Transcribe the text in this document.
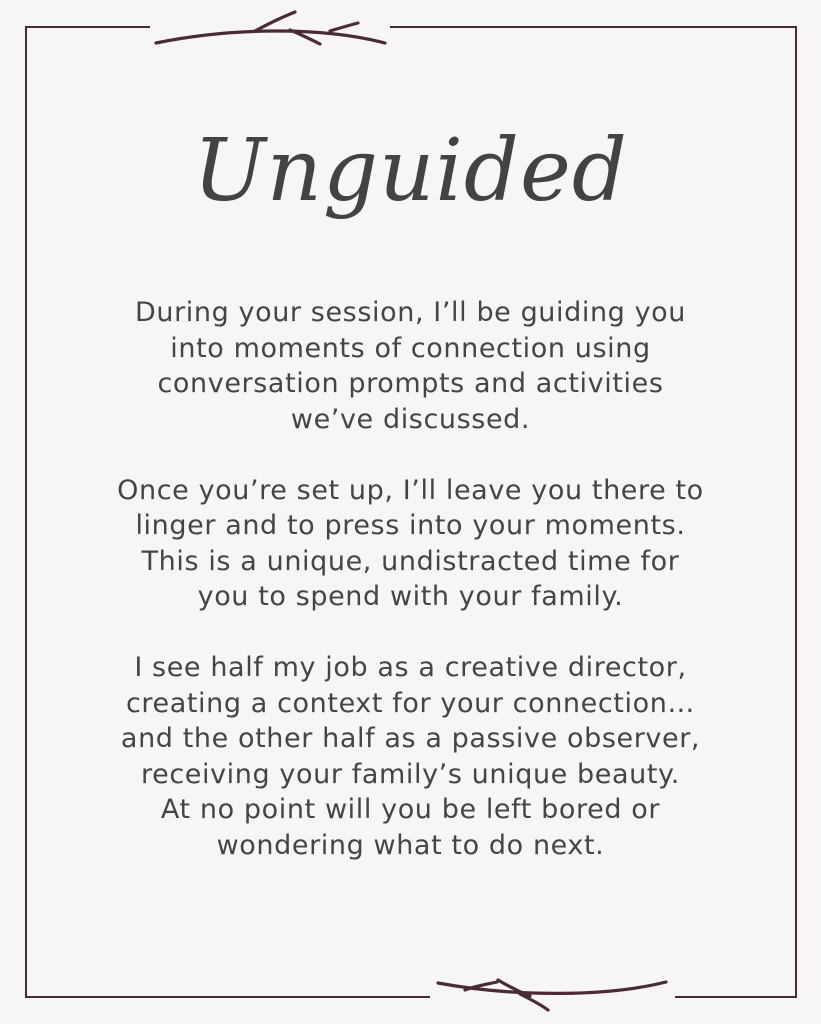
Unguided

During your session, I’ll be guiding you
into moments of connection using
conversation prompts and activities
we’ve discussed.

Once you’re set up, I’ll leave you there to
linger and to press into your moments.
This is a unique, undistracted time for
you to spend with your family.

I see half my job as a creative director,
creating a context for your connection…
and the other half as a passive observer,
receiving your family’s unique beauty.
At no point will you be left bored or
wondering what to do next.
